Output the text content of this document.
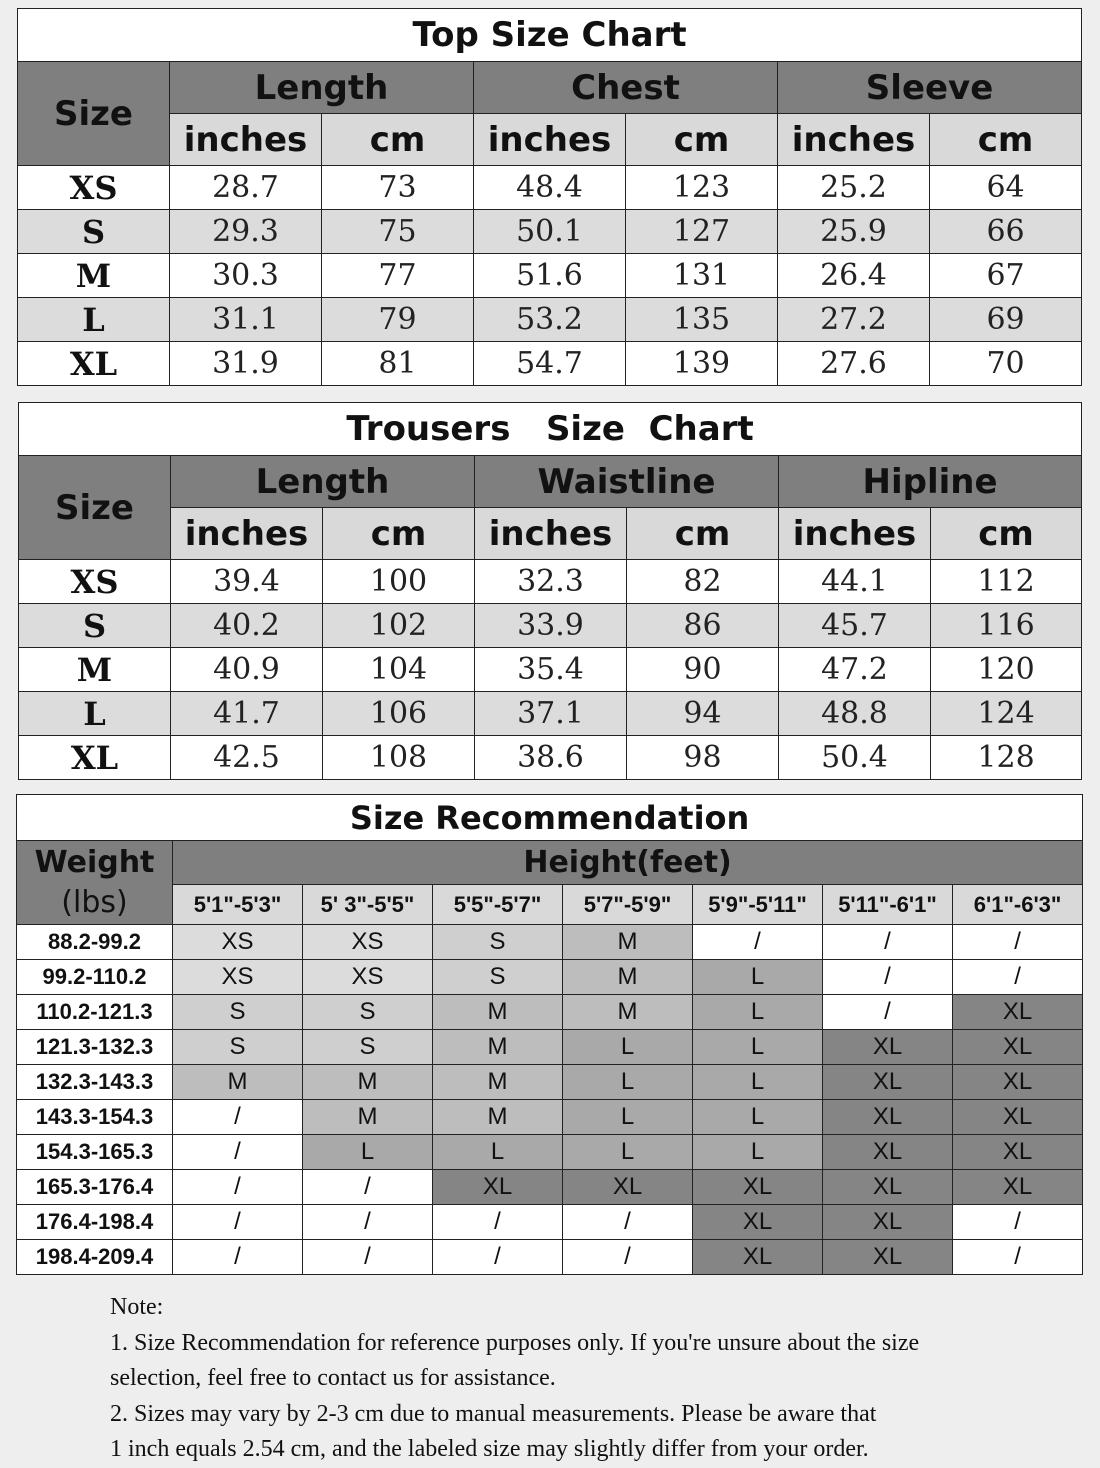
Top Size Chart						
Size	Length		Chest		Sleeve	
	inches	cm	inches	cm	inches	cm
XS	28.7	73	48.4	123	25.2	64
S	29.3	75	50.1	127	25.9	66
M	30.3	77	51.6	131	26.4	67
L	31.1	79	53.2	135	27.2	69
XL	31.9	81	54.7	139	27.6	70
Trousers   Size  Chart						
Size	Length		Waistline		Hipline	
	inches	cm	inches	cm	inches	cm
XS	39.4	100	32.3	82	44.1	112
S	40.2	102	33.9	86	45.7	116
M	40.9	104	35.4	90	47.2	120
L	41.7	106	37.1	94	48.8	124
XL	42.5	108	38.6	98	50.4	128
Size Recommendation							

Weight
(lbs)	Height(feet)						
	5'1"-5'3"	5' 3"-5'5"	5'5"-5'7"	5'7"-5'9"	5'9"-5'11"	5'11"-6'1"	6'1"-6'3"
88.2-99.2	XS	XS	S	M	/	/	/
99.2-110.2	XS	XS	S	M	L	/	/
110.2-121.3	S	S	M	M	L	/	XL
121.3-132.3	S	S	M	L	L	XL	XL
132.3-143.3	M	M	M	L	L	XL	XL
143.3-154.3	/	M	M	L	L	XL	XL
154.3-165.3	/	L	L	L	L	XL	XL
165.3-176.4	/	/	XL	XL	XL	XL	XL
176.4-198.4	/	/	/	/	XL	XL	/
198.4-209.4	/	/	/	/	XL	XL	/
Note:
1. Size Recommendation for reference purposes only. If you're unsure about the size
selection, feel free to contact us for assistance.
2. Sizes may vary by 2-3 cm due to manual measurements. Please be aware that
1 inch equals 2.54 cm, and the labeled size may slightly differ from your order.
